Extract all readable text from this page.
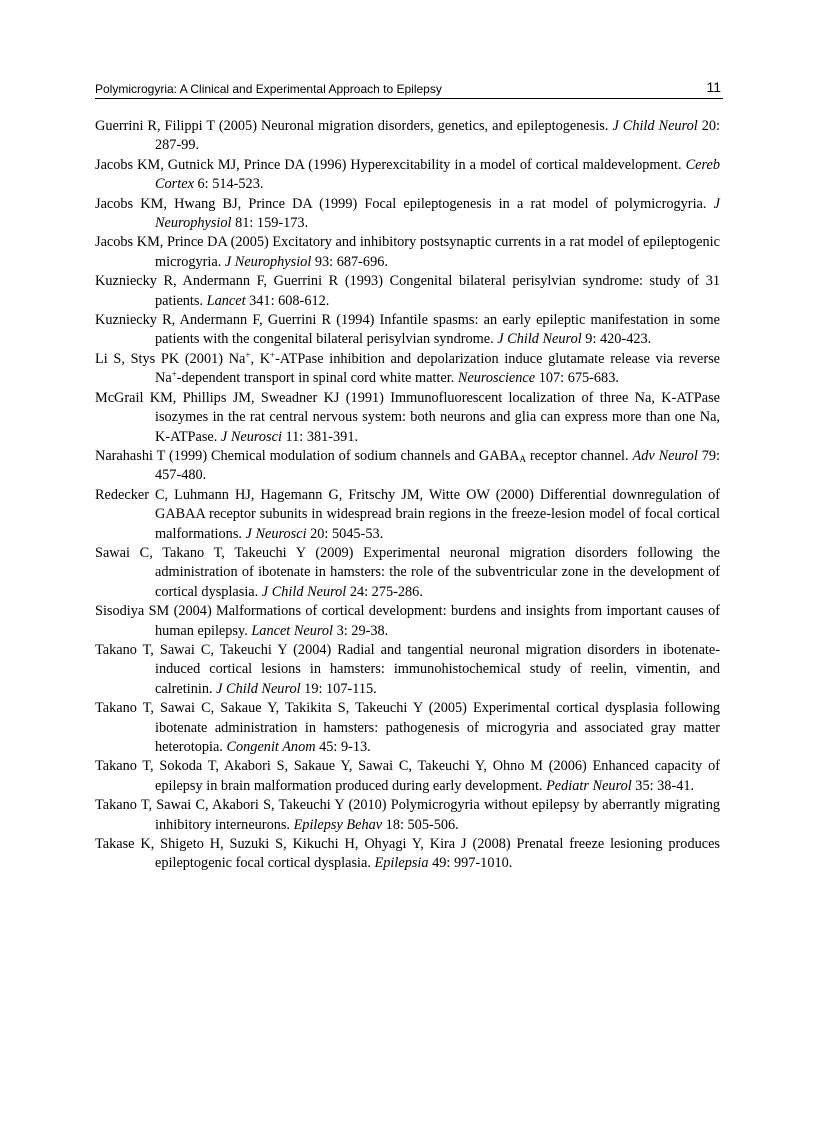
Polymicrogyria: A Clinical and Experimental Approach to Epilepsy	11

Guerrini R, Filippi T (2005) Neuronal migration disorders, genetics, and epileptogenesis. J Child Neurol 20: 287-99.

Jacobs KM, Gutnick MJ, Prince DA (1996) Hyperexcitability in a model of cortical maldevelopment. Cereb Cortex 6: 514-523.

Jacobs KM, Hwang BJ, Prince DA (1999) Focal epileptogenesis in a rat model of polymicrogyria. J Neurophysiol 81: 159-173.

Jacobs KM, Prince DA (2005) Excitatory and inhibitory postsynaptic currents in a rat model of epileptogenic microgyria. J Neurophysiol 93: 687-696.

Kuzniecky R, Andermann F, Guerrini R (1993) Congenital bilateral perisylvian syndrome: study of 31 patients. Lancet 341: 608-612.

Kuzniecky R, Andermann F, Guerrini R (1994) Infantile spasms: an early epileptic manifestation in some patients with the congenital bilateral perisylvian syndrome. J Child Neurol 9: 420-423.

Li S, Stys PK (2001) Na+, K+-ATPase inhibition and depolarization induce glutamate release via reverse Na+-dependent transport in spinal cord white matter. Neuroscience 107: 675-683.

McGrail KM, Phillips JM, Sweadner KJ (1991) Immunofluorescent localization of three Na, K-ATPase isozymes in the rat central nervous system: both neurons and glia can express more than one Na, K-ATPase. J Neurosci 11: 381-391.

Narahashi T (1999) Chemical modulation of sodium channels and $GABA_A$ receptor channel. Adv Neurol 79: 457-480.

Redecker C, Luhmann HJ, Hagemann G, Fritschy JM, Witte OW (2000) Differential downregulation of GABAA receptor subunits in widespread brain regions in the freeze-lesion model of focal cortical malformations. J Neurosci 20: 5045-53.

Sawai C, Takano T, Takeuchi Y (2009) Experimental neuronal migration disorders following the administration of ibotenate in hamsters: the role of the subventricular zone in the development of cortical dysplasia. J Child Neurol 24: 275-286.

Sisodiya SM (2004) Malformations of cortical development: burdens and insights from important causes of human epilepsy. Lancet Neurol 3: 29-38.

Takano T, Sawai C, Takeuchi Y (2004) Radial and tangential neuronal migration disorders in ibotenate-induced cortical lesions in hamsters: immunohistochemical study of reelin, vimentin, and calretinin. J Child Neurol 19: 107-115.

Takano T, Sawai C, Sakaue Y, Takikita S, Takeuchi Y (2005) Experimental cortical dysplasia following ibotenate administration in hamsters: pathogenesis of microgyria and associated gray matter heterotopia. Congenit Anom 45: 9-13.

Takano T, Sokoda T, Akabori S, Sakaue Y, Sawai C, Takeuchi Y, Ohno M (2006) Enhanced capacity of epilepsy in brain malformation produced during early development. Pediatr Neurol 35: 38-41.

Takano T, Sawai C, Akabori S, Takeuchi Y (2010) Polymicrogyria without epilepsy by aberrantly migrating inhibitory interneurons. Epilepsy Behav 18: 505-506.

Takase K, Shigeto H, Suzuki S, Kikuchi H, Ohyagi Y, Kira J (2008) Prenatal freeze lesioning produces epileptogenic focal cortical dysplasia. Epilepsia 49: 997-1010.
